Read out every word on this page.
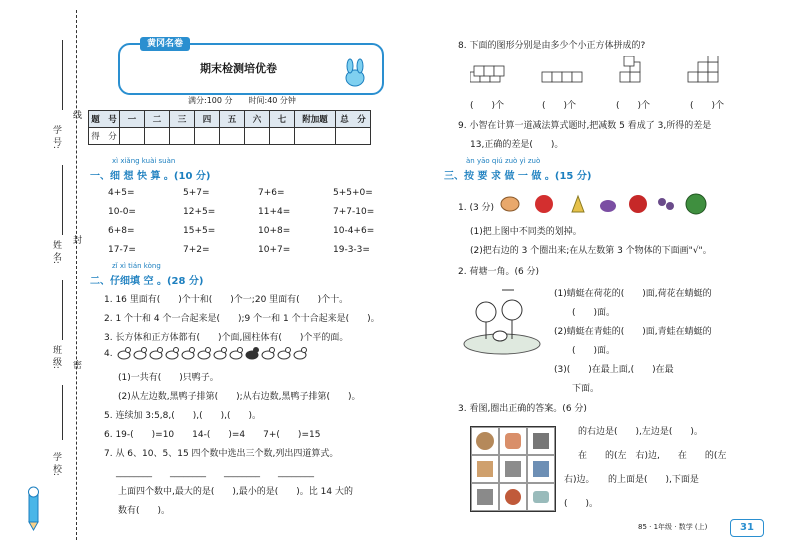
学 号:
线
姓 名:
封
班 级: 密
学 校:
黄冈名卷
期末检测培优卷
满分:100 分　　 时间:40 分钟
题　号	一	二	三	四	五	六	七	附加题	总　分
得　分									
xì xiǎng kuài suàn
一、细 想 快 算 。(10 分)
4+5=	5+7=	7+6=	5+5+0=
10-0=	12+5=	11+4=	7+7-10=
6+8=	15+5=	10+8=	10-4+6=
17-7=	7+2=	10+7=	19-3-3=
zǐ xì tián kòng
二、仔细填 空 。(28 分)
1. 16 里面有(　　)个十和(　　)个一;20 里面有(　　)个十。
2. 1 个十和 4 个一合起来是(　　);9 个一和 1 个十合起来是(　　)。
3. 长方体和正方体都有(　　)个面,圆柱体有(　　)个平的面。
4.
(1)一共有(　　)只鸭子。
(2)从左边数,黑鸭子排第(　　);从右边数,黑鸭子排第(　　)。
5. 连续加 3:5,8,(　　),(　　),(　　)。
6. 19-(　　)=10　　14-(　　)=4　　7+(　　)=15
7. 从 6、10、5、15 四个数中选出三个数,列出四道算式。
________　　________　　________　　________
上面四个数中,最大的是(　　),最小的是(　　)。比 14 大的
数有(　　)。
8. 下面的图形分别是由多少个小正方体拼成的?
(　　)个	(　　)个	(　　)个	(　　)个
9. 小智在计算一道减法算式题时,把减数 5 看成了 3,所得的差是
13,正确的差是(　　)。
àn yāo qiú zuò yì zuò
三、按 要 求 做 一 做 。(15 分)
1. (3 分)
(1)把上图中不同类的划掉。
(2)把右边的 3 个圈出来;在从左数第 3 个物体的下面画"√"。
2. 荷塘一角。(6 分)
(1)蜻蜓在荷花的(　　)面,荷花在蜻蜓的
(　　)面。
(2)蜻蜓在青蛙的(　　)面,青蛙在蜻蜓的
(　　)面。
(3)(　　)在最上面,(　　)在最
下面。
3. 看图,圈出正确的答案。(6 分)
的右边是(　　),左边是(　　)。
在　　的(左　右)边,　　在　　的(左
右)边。　　的上面是(　　),下面是
(　　)。
85 · 1年级 · 数学 (上)	31
